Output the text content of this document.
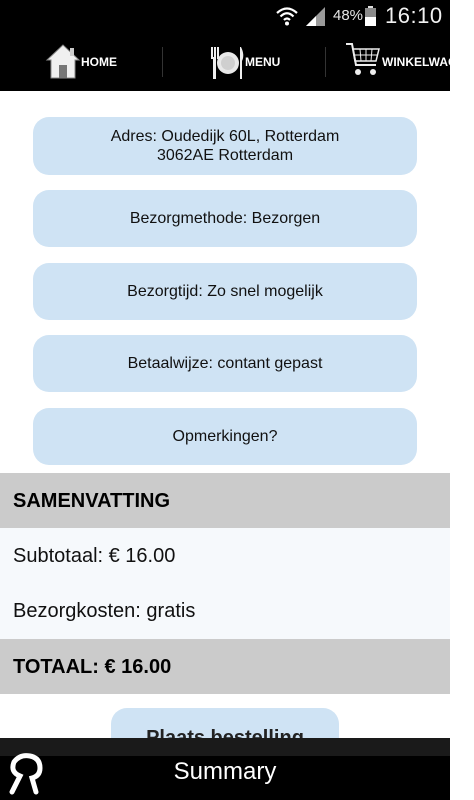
48% 16:10
HOME	MENU	WINKELWAGEN
Adres: Oudedijk 60L, Rotterdam
3062AE Rotterdam
Bezorgmethode: Bezorgen
Bezorgtijd: Zo snel mogelijk
Betaalwijze: contant gepast
Opmerkingen?
SAMENVATTING
Subtotaal: € 16.00
Bezorgkosten: gratis
TOTAAL: € 16.00
Summary
